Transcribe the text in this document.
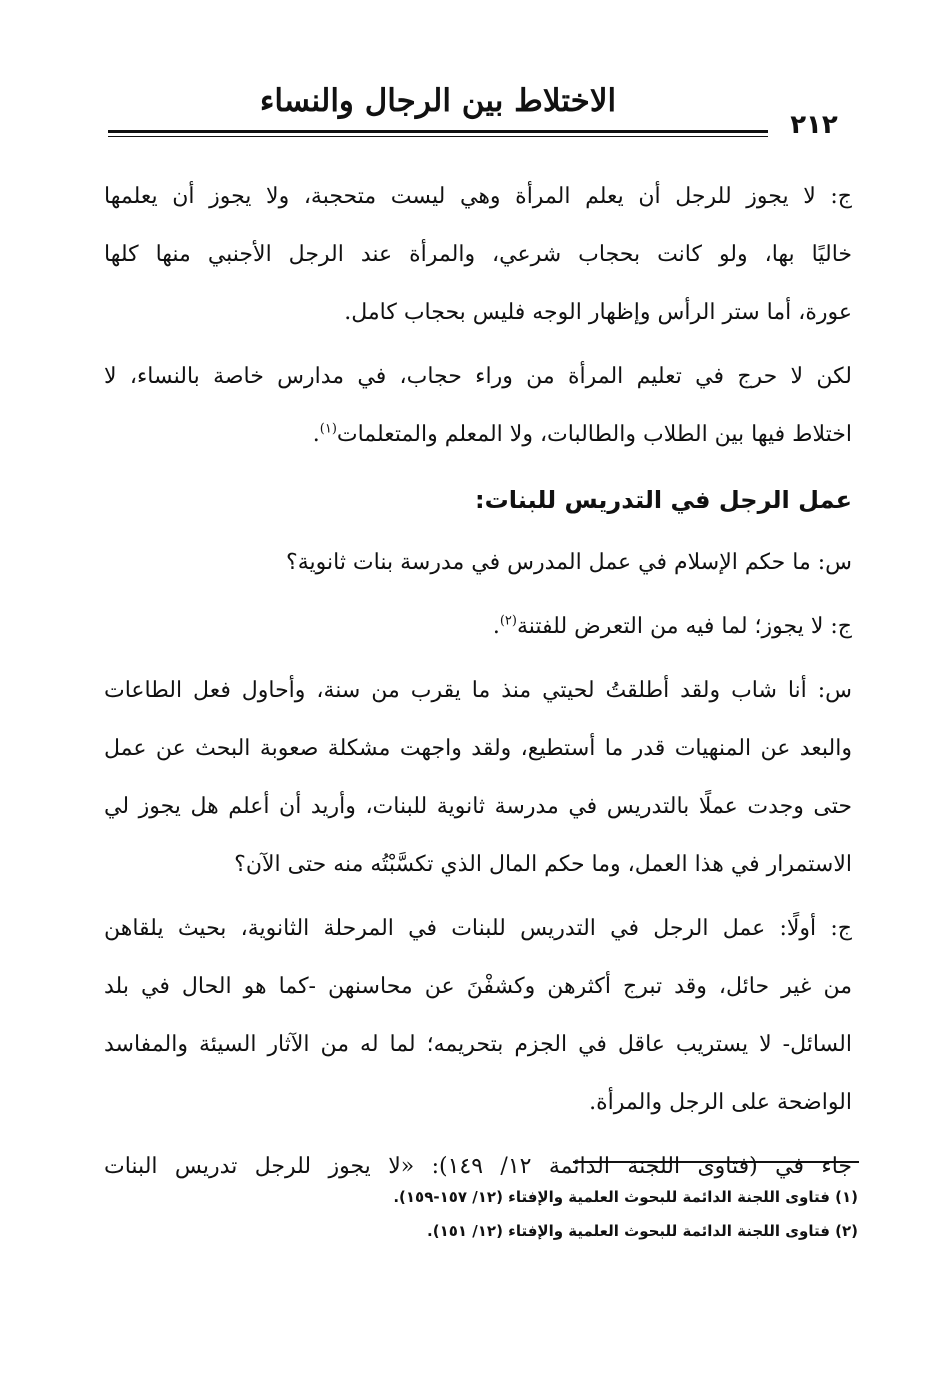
الاختلاط بين الرجال والنساء
٢١٢
ج: لا يجوز للرجل أن يعلم المرأة وهي ليست متحجبة، ولا يجوز أن يعلمها
خاليًا بها، ولو كانت بحجاب شرعي، والمرأة عند الرجل الأجنبي منها كلها
عورة، أما ستر الرأس وإظهار الوجه فليس بحجاب كامل.
لكن لا حرج في تعليم المرأة من وراء حجاب، في مدارس خاصة بالنساء، لا
اختلاط فيها بين الطلاب والطالبات، ولا المعلم والمتعلمات$^{(١)}$.
عمل الرجل في التدريس للبنات:
س: ما حكم الإسلام في عمل المدرس في مدرسة بنات ثانوية؟
ج: لا يجوز؛ لما فيه من التعرض للفتنة$^{(٢)}$.
س: أنا شاب ولقد أطلقتُ لحيتي منذ ما يقرب من سنة، وأحاول فعل الطاعات
والبعد عن المنهيات قدر ما أستطيع، ولقد واجهت مشكلة صعوبة البحث عن عمل
حتى وجدت عملًا بالتدريس في مدرسة ثانوية للبنات، وأريد أن أعلم هل يجوز لي
الاستمرار في هذا العمل، وما حكم المال الذي تكسَّبْتُه منه حتى الآن؟
ج: أولًا: عمل الرجل في التدريس للبنات في المرحلة الثانوية، بحيث يلقاهن
من غير حائل، وقد تبرج أكثرهن وكشفْنَ عن محاسنهن -كما هو الحال في بلد
السائل- لا يستريب عاقل في الجزم بتحريمه؛ لما له من الآثار السيئة والمفاسد
الواضحة على الرجل والمرأة.
جاء في (فتاوى اللجنة الدائمة ١٢/ ١٤٩): «لا يجوز للرجل تدريس البنات
(١) فتاوى اللجنة الدائمة للبحوث العلمية والإفتاء (١٢/ ١٥٧-١٥٩).
(٢) فتاوى اللجنة الدائمة للبحوث العلمية والإفتاء (١٢/ ١٥١).
